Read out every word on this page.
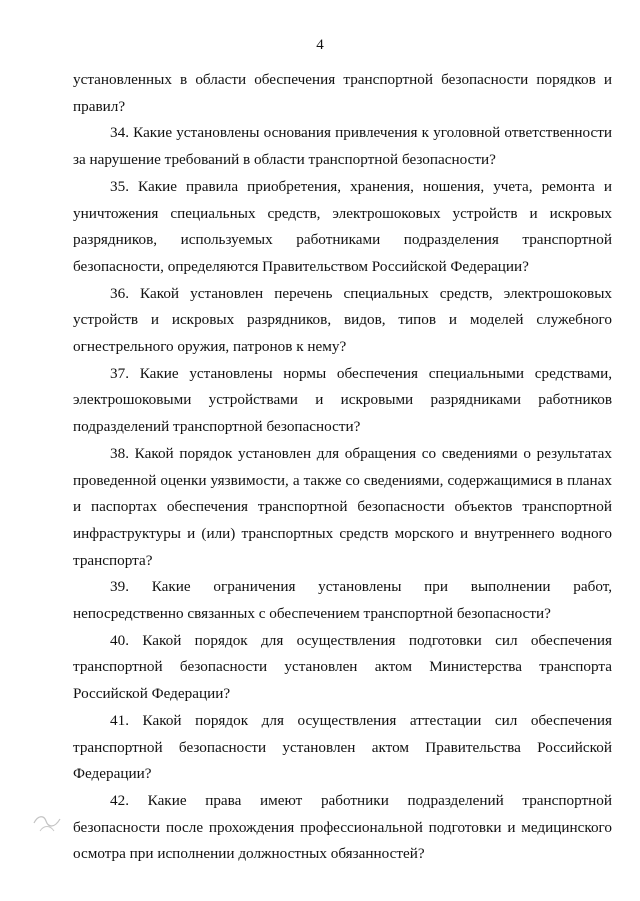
4

установленных в области обеспечения транспортной безопасности порядков и правил?

34. Какие установлены основания привлечения к уголовной ответственности за нарушение требований в области транспортной безопасности?

35. Какие правила приобретения, хранения, ношения, учета, ремонта и уничтожения специальных средств, электрошоковых устройств и искровых разрядников, используемых работниками подразделения транспортной безопасности, определяются Правительством Российской Федерации?

36. Какой установлен перечень специальных средств, электрошоковых устройств и искровых разрядников, видов, типов и моделей служебного огнестрельного оружия, патронов к нему?

37. Какие установлены нормы обеспечения специальными средствами, электрошоковыми устройствами и искровыми разрядниками работников подразделений транспортной безопасности?

38. Какой порядок установлен для обращения со сведениями о результатах проведенной оценки уязвимости, а также со сведениями, содержащимися в планах и паспортах обеспечения транспортной безопасности объектов транспортной инфраструктуры и (или) транспортных средств морского и внутреннего водного транспорта?

39. Какие ограничения установлены при выполнении работ, непосредственно связанных с обеспечением транспортной безопасности?

40. Какой порядок для осуществления подготовки сил обеспечения транспортной безопасности установлен актом Министерства транспорта Российской Федерации?

41. Какой порядок для осуществления аттестации сил обеспечения транспортной безопасности установлен актом Правительства Российской Федерации?

42. Какие права имеют работники подразделений транспортной безопасности после прохождения профессиональной подготовки и медицинского осмотра при исполнении должностных обязанностей?
